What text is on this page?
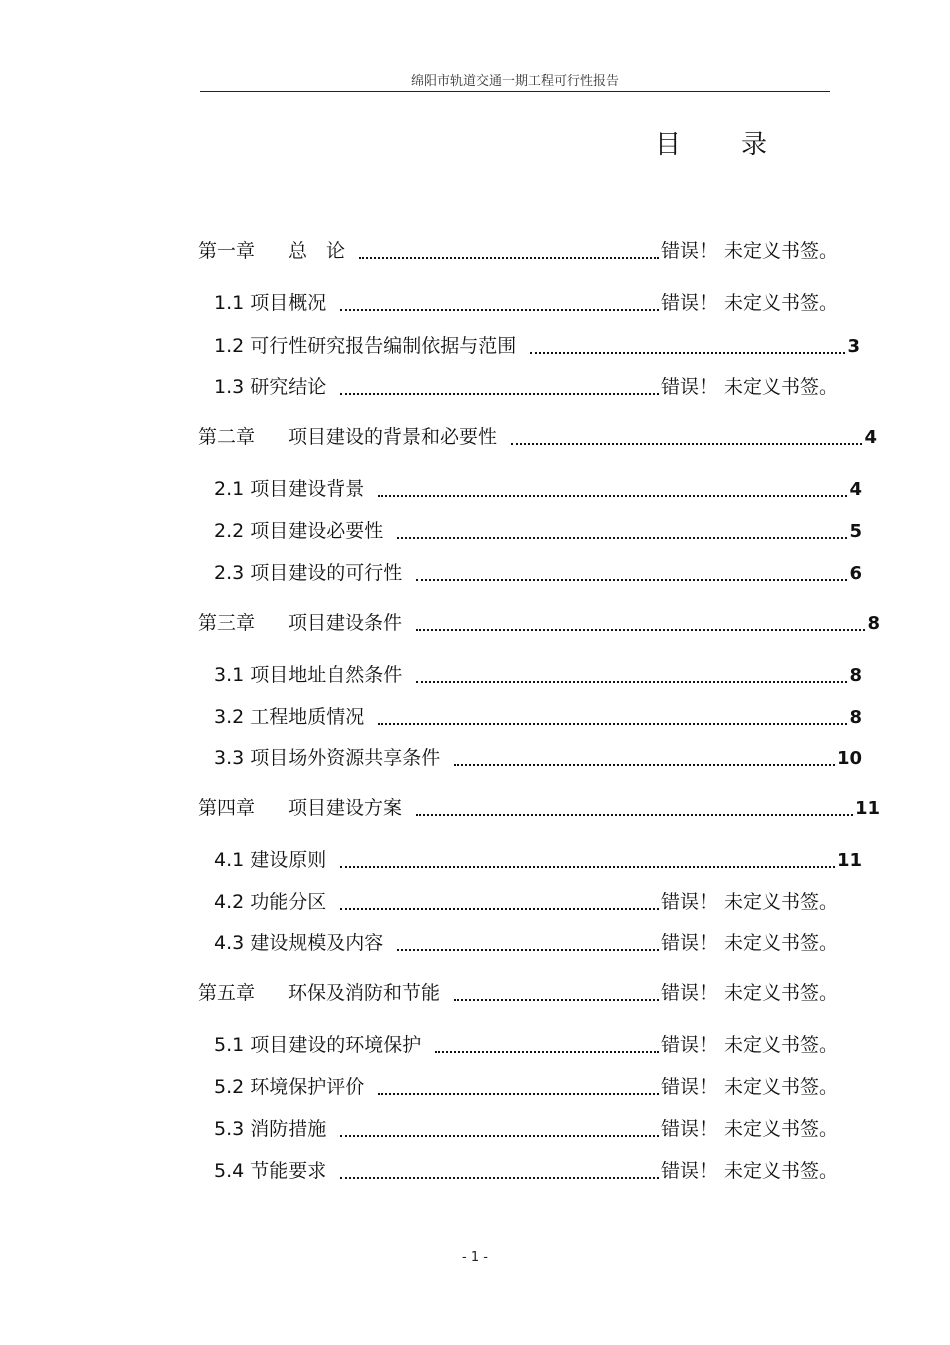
绵阳市轨道交通一期工程可行性报告
目录
第一章 总　论	错误！ 未定义书签。
1.1 项目概况	错误！ 未定义书签。
1.2 可行性研究报告编制依据与范围	3
1.3 研究结论	错误！ 未定义书签。
第二章 项目建设的背景和必要性	4
2.1 项目建设背景	4
2.2 项目建设必要性	5
2.3 项目建设的可行性	6
第三章 项目建设条件	8
3.1 项目地址自然条件	8
3.2 工程地质情况	8
3.3 项目场外资源共享条件	10
第四章 项目建设方案	11
4.1 建设原则	11
4.2 功能分区	错误！ 未定义书签。
4.3 建设规模及内容	错误！ 未定义书签。
第五章 环保及消防和节能	错误！ 未定义书签。
5.1 项目建设的环境保护	错误！ 未定义书签。
5.2 环境保护评价	错误！ 未定义书签。
5.3 消防措施	错误！ 未定义书签。
5.4 节能要求	错误！ 未定义书签。
- 1 -
